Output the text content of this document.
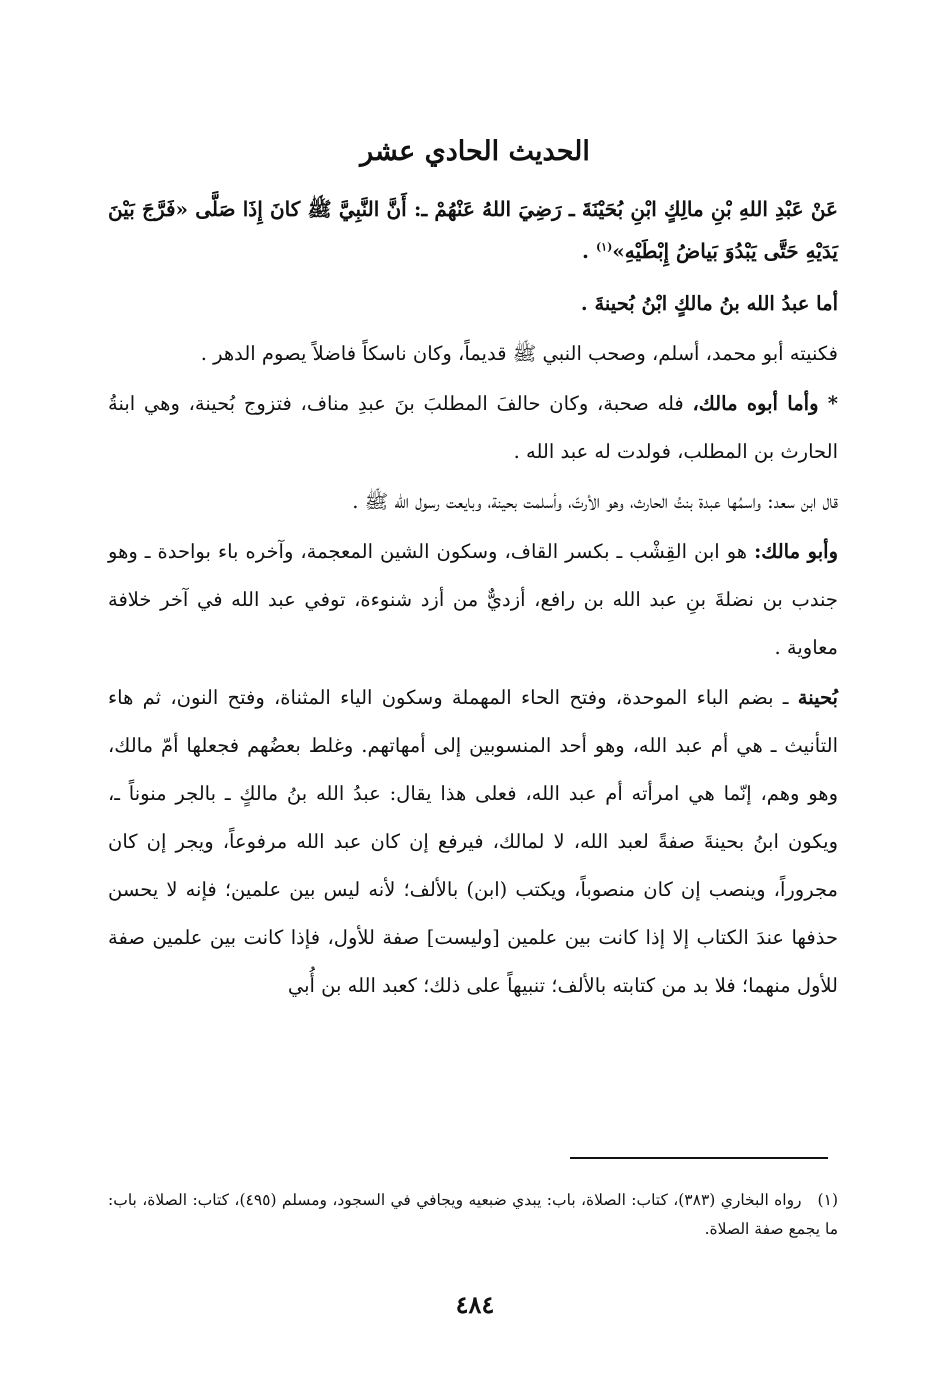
الحديث الحادي عشر

عَنْ عَبْدِ اللهِ بْنِ مالِكٍ ابْنِ بُحَيْنَةَ ـ رَضِيَ اللهُ عَنْهُمْ ـ: أَنَّ النَّبِيَّ ﷺ كانَ إِذَا صَلَّى «فَرَّجَ بَيْنَ يَدَيْهِ حَتَّى يَبْدُوَ بَياضُ إِبْطَيْهِ»$^{(١)}$ .

أما عبدُ الله بنُ مالكٍ ابْنُ بُحينةَ .

فكنيته أبو محمد، أسلم، وصحب النبي ﷺ قديماً، وكان ناسكاً فاضلاً يصوم الدهر .

* وأما أبوه مالك، فله صحبة، وكان حالفَ المطلبَ بنَ عبدِ مناف، فتزوج بُحينة، وهي ابنةُ الحارث بن المطلب، فولدت له عبد الله .

قال ابن سعد: واسمُها عبدة بنتُ الحارث، وهو الأرتّ، وأسلمت بحينة، وبايعت رسول الله ﷺ .

وأبو مالك: هو ابن القِشْب ـ بكسر القاف، وسكون الشين المعجمة، وآخره باء بواحدة ـ وهو جندب بن نضلةَ بنِ عبد الله بن رافع، أزديٌّ من أزد شنوءة، توفي عبد الله في آخر خلافة معاوية .

بُحينة ـ بضم الباء الموحدة، وفتح الحاء المهملة وسكون الياء المثناة، وفتح النون، ثم هاء التأنيث ـ هي أم عبد الله، وهو أحد المنسوبين إلى أمهاتهم. وغلط بعضُهم فجعلها أمّ مالك، وهو وهم، إنّما هي امرأته أم عبد الله، فعلى هذا يقال: عبدُ الله بنُ مالكٍ ـ بالجر منوناً ـ، ويكون ابنُ بحينةَ صفةً لعبد الله، لا لمالك، فيرفع إن كان عبد الله مرفوعاً، ويجر إن كان مجروراً، وينصب إن كان منصوباً، ويكتب (ابن) بالألف؛ لأنه ليس بين علمين؛ فإنه لا يحسن حذفها عندَ الكتاب إلا إذا كانت بين علمين [وليست] صفة للأول، فإذا كانت بين علمين صفة للأول منهما؛ فلا بد من كتابته بالألف؛ تنبيهاً على ذلك؛ كعبد الله بن أُبي

(١)رواه البخاري (٣٨٣)، كتاب: الصلاة، باب: يبدي ضبعيه ويجافي في السجود، ومسلم (٤٩٥)، كتاب: الصلاة، باب: ما يجمع صفة الصلاة.
٤٨٤
